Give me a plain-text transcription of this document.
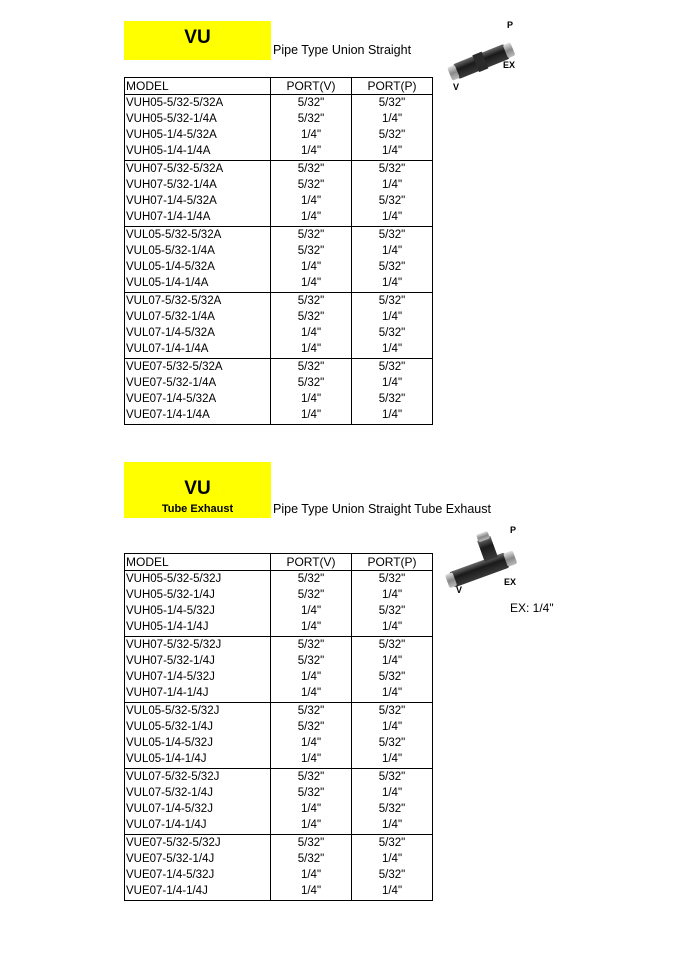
VU
Pipe Type Union Straight
P
EX
V
MODEL	PORT(V)	PORT(P)
VUH05-5/32-5/32A	5/32"	5/32"
VUH05-5/32-1/4A	5/32"	1/4"
VUH05-1/4-5/32A	1/4"	5/32"
VUH05-1/4-1/4A	1/4"	1/4"
VUH07-5/32-5/32A	5/32"	5/32"
VUH07-5/32-1/4A	5/32"	1/4"
VUH07-1/4-5/32A	1/4"	5/32"
VUH07-1/4-1/4A	1/4"	1/4"
VUL05-5/32-5/32A	5/32"	5/32"
VUL05-5/32-1/4A	5/32"	1/4"
VUL05-1/4-5/32A	1/4"	5/32"
VUL05-1/4-1/4A	1/4"	1/4"
VUL07-5/32-5/32A	5/32"	5/32"
VUL07-5/32-1/4A	5/32"	1/4"
VUL07-1/4-5/32A	1/4"	5/32"
VUL07-1/4-1/4A	1/4"	1/4"
VUE07-5/32-5/32A	5/32"	5/32"
VUE07-5/32-1/4A	5/32"	1/4"
VUE07-1/4-5/32A	1/4"	5/32"
VUE07-1/4-1/4A	1/4"	1/4"
VU
Tube Exhaust	Pipe Type Union Straight Tube Exhaust
P
EX
V
EX: 1/4"
MODEL	PORT(V)	PORT(P)
VUH05-5/32-5/32J	5/32"	5/32"
VUH05-5/32-1/4J	5/32"	1/4"
VUH05-1/4-5/32J	1/4"	5/32"
VUH05-1/4-1/4J	1/4"	1/4"
VUH07-5/32-5/32J	5/32"	5/32"
VUH07-5/32-1/4J	5/32"	1/4"
VUH07-1/4-5/32J	1/4"	5/32"
VUH07-1/4-1/4J	1/4"	1/4"
VUL05-5/32-5/32J	5/32"	5/32"
VUL05-5/32-1/4J	5/32"	1/4"
VUL05-1/4-5/32J	1/4"	5/32"
VUL05-1/4-1/4J	1/4"	1/4"
VUL07-5/32-5/32J	5/32"	5/32"
VUL07-5/32-1/4J	5/32"	1/4"
VUL07-1/4-5/32J	1/4"	5/32"
VUL07-1/4-1/4J	1/4"	1/4"
VUE07-5/32-5/32J	5/32"	5/32"
VUE07-5/32-1/4J	5/32"	1/4"
VUE07-1/4-5/32J	1/4"	5/32"
VUE07-1/4-1/4J	1/4"	1/4"
